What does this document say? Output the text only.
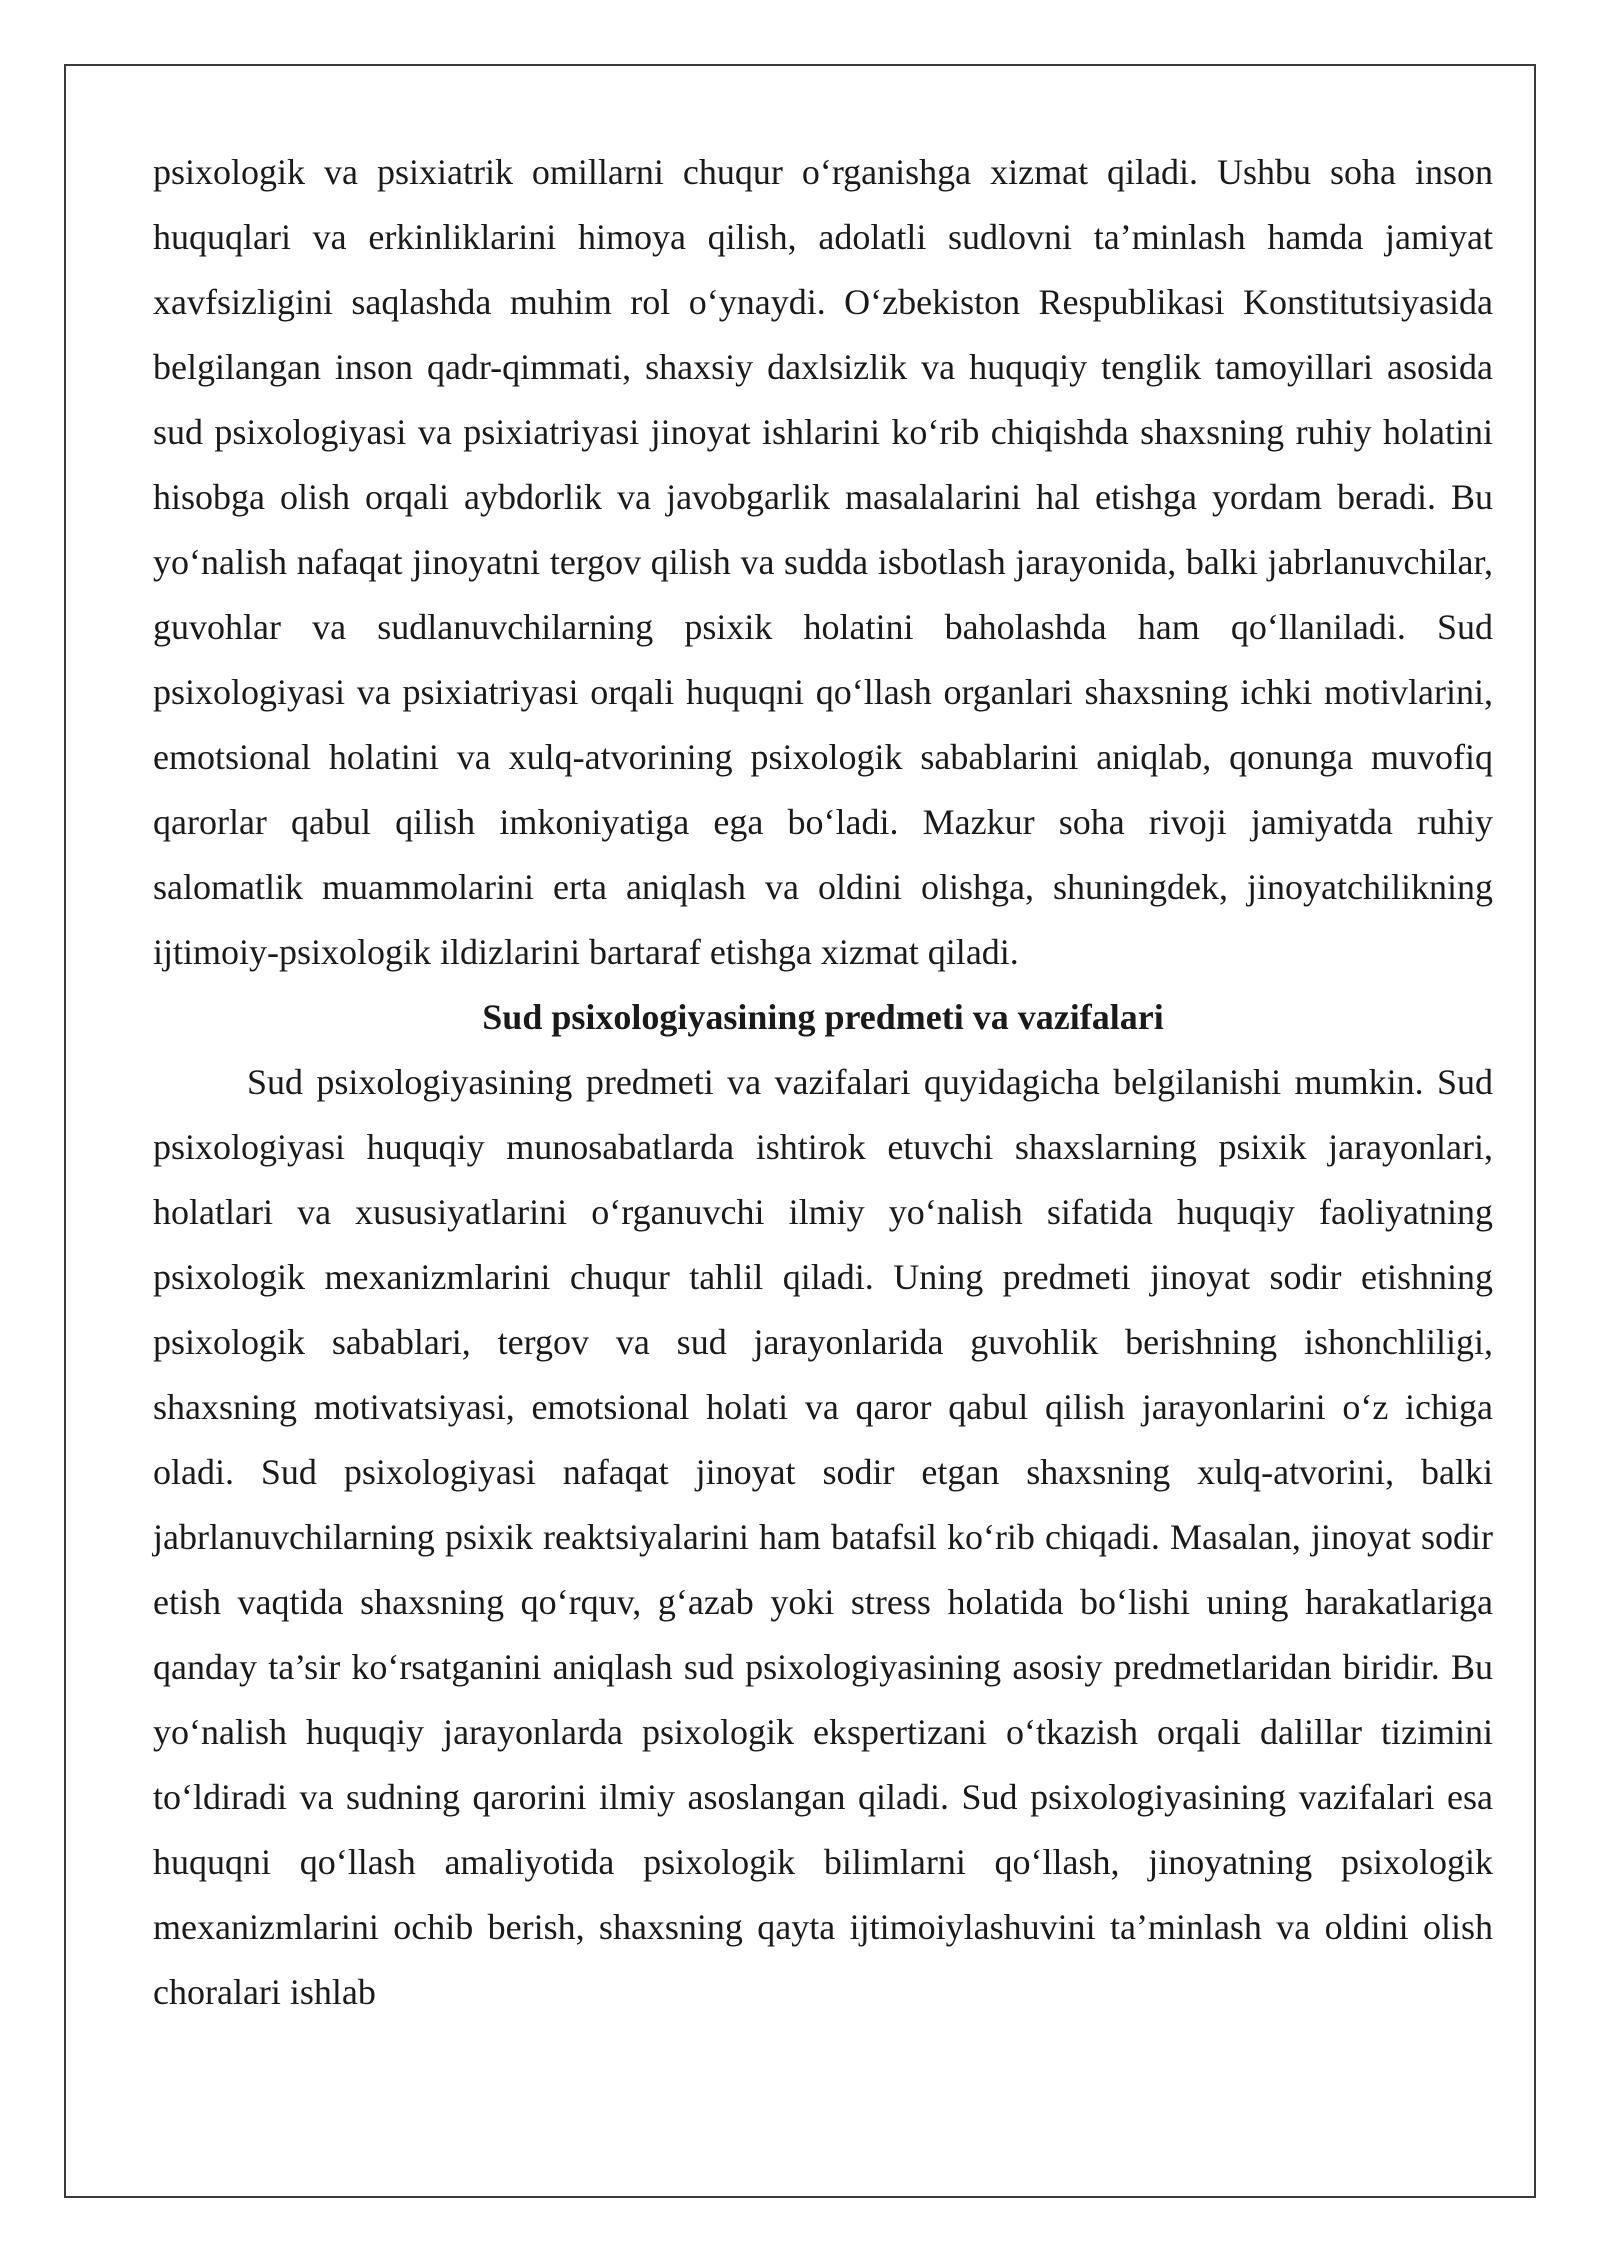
psixologik va psixiatrik omillarni chuqur o‘rganishga xizmat qiladi. Ushbu soha inson huquqlari va erkinliklarini himoya qilish, adolatli sudlovni ta’minlash hamda jamiyat xavfsizligini saqlashda muhim rol o‘ynaydi. O‘zbekiston Respublikasi Konstitutsiyasida belgilangan inson qadr-qimmati, shaxsiy daxlsizlik va huquqiy tenglik tamoyillari asosida sud psixologiyasi va psixiatriyasi jinoyat ishlarini ko‘rib chiqishda shaxsning ruhiy holatini hisobga olish orqali aybdorlik va javobgarlik masalalarini hal etishga yordam beradi. Bu yo‘nalish nafaqat jinoyatni tergov qilish va sudda isbotlash jarayonida, balki jabrlanuvchilar, guvohlar va sudlanuvchilarning psixik holatini baholashda ham qo‘llaniladi. Sud psixologiyasi va psixiatriyasi orqali huquqni qo‘llash organlari shaxsning ichki motivlarini, emotsional holatini va xulq-atvorining psixologik sabablarini aniqlab, qonunga muvofiq qarorlar qabul qilish imkoniyatiga ega bo‘ladi. Mazkur soha rivoji jamiyatda ruhiy salomatlik muammolarini erta aniqlash va oldini olishga, shuningdek, jinoyatchilikning ijtimoiy-psixologik ildizlarini bartaraf etishga xizmat qiladi.

Sud psixologiyasining predmeti va vazifalari

Sud psixologiyasining predmeti va vazifalari quyidagicha belgilanishi mumkin. Sud psixologiyasi huquqiy munosabatlarda ishtirok etuvchi shaxslarning psixik jarayonlari, holatlari va xususiyatlarini o‘rganuvchi ilmiy yo‘nalish sifatida huquqiy faoliyatning psixologik mexanizmlarini chuqur tahlil qiladi. Uning predmeti jinoyat sodir etishning psixologik sabablari, tergov va sud jarayonlarida guvohlik berishning ishonchliligi, shaxsning motivatsiyasi, emotsional holati va qaror qabul qilish jarayonlarini o‘z ichiga oladi. Sud psixologiyasi nafaqat jinoyat sodir etgan shaxsning xulq-atvorini, balki jabrlanuvchilarning psixik reaktsiyalarini ham batafsil ko‘rib chiqadi. Masalan, jinoyat sodir etish vaqtida shaxsning qo‘rquv, g‘azab yoki stress holatida bo‘lishi uning harakatlariga qanday ta’sir ko‘rsatganini aniqlash sud psixologiyasining asosiy predmetlaridan biridir. Bu yo‘nalish huquqiy jarayonlarda psixologik ekspertizani o‘tkazish orqali dalillar tizimini to‘ldiradi va sudning qarorini ilmiy asoslangan qiladi. Sud psixologiyasining vazifalari esa huquqni qo‘llash amaliyotida psixologik bilimlarni qo‘llash, jinoyatning psixologik mexanizmlarini ochib berish, shaxsning qayta ijtimoiylashuvini ta’minlash va oldini olish choralari ishlab
